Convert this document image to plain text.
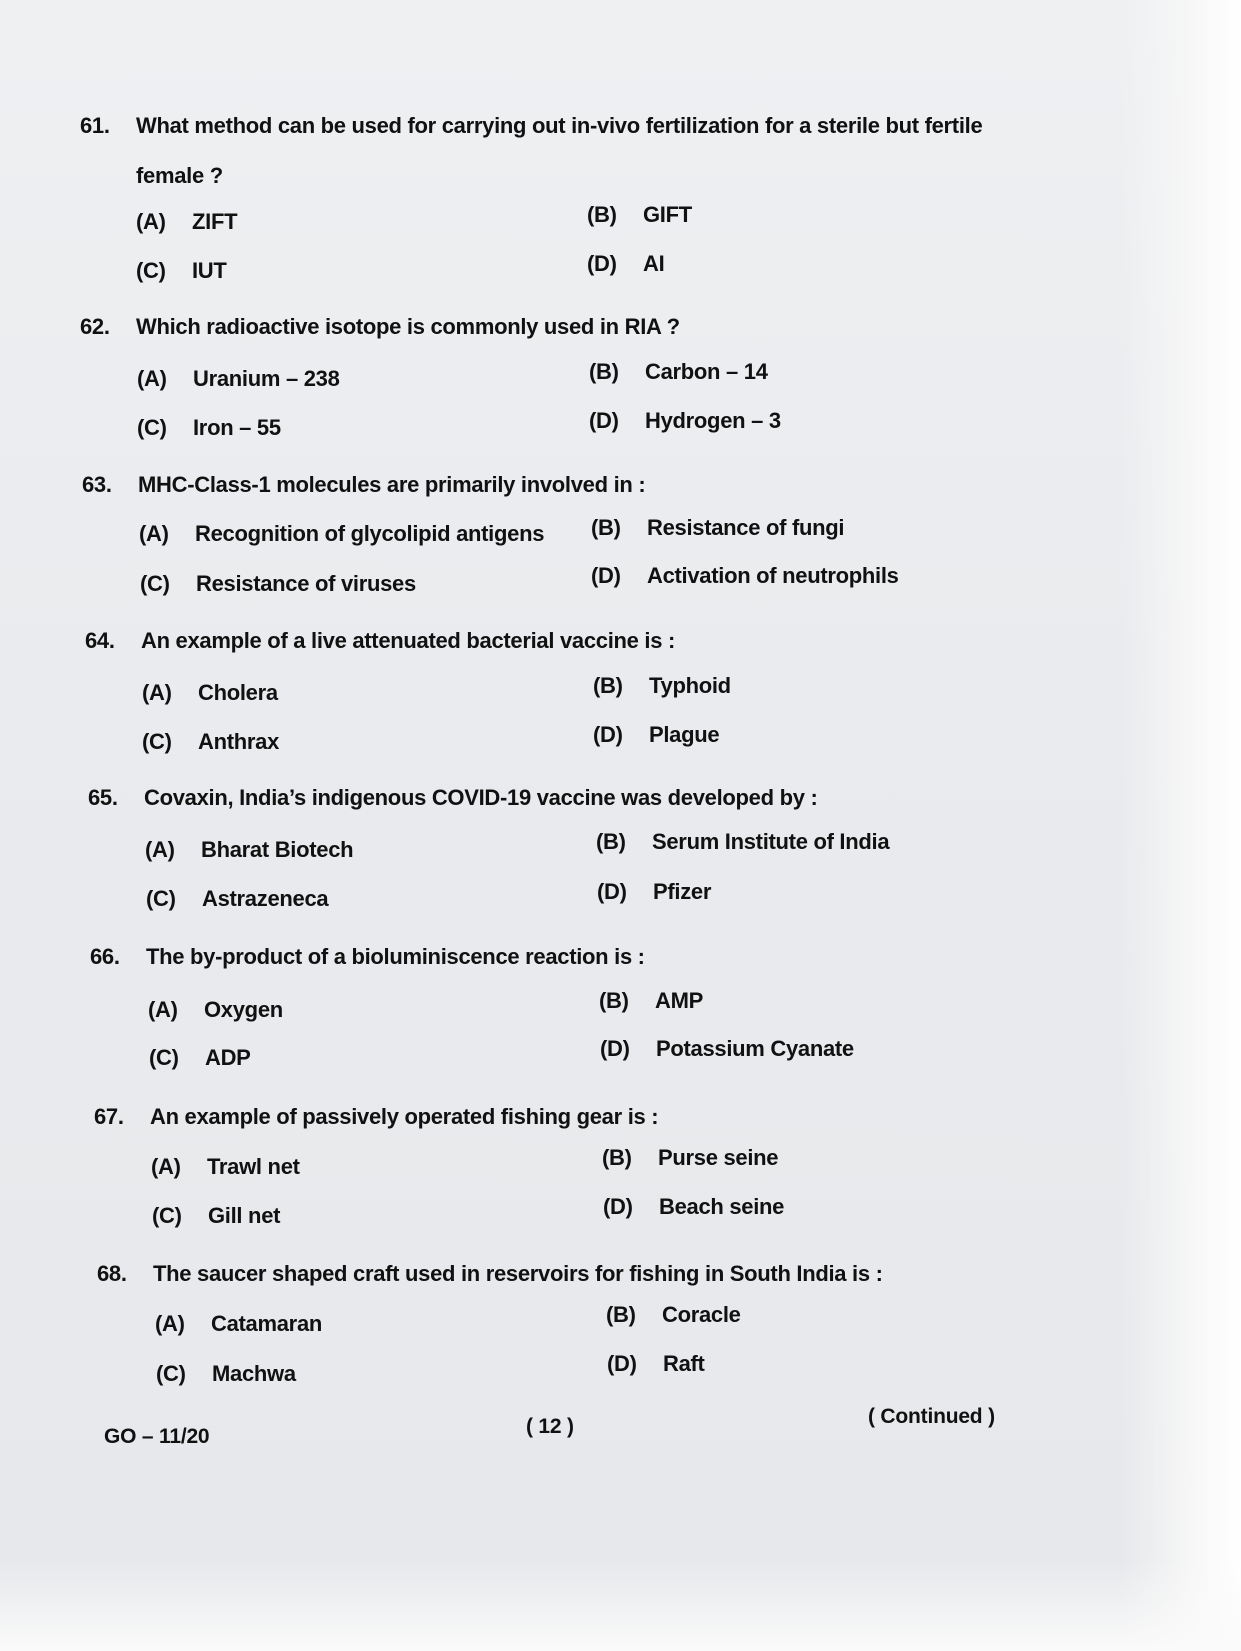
61.	What method can be used for carrying out in-vivo fertilization for a sterile but fertile
female ?
(A)	ZIFT	(B)	GIFT
(C)	IUT	(D)	AI
62.	Which radioactive isotope is commonly used in RIA ?
(A)	Uranium – 238	(B)	Carbon – 14
(C)	Iron – 55	(D)	Hydrogen – 3
63.	MHC-Class-1 molecules are primarily involved in :
(A)	Recognition of glycolipid antigens (B)	Resistance of fungi
(C)	Resistance of viruses	(D)	Activation of neutrophils
64.	An example of a live attenuated bacterial vaccine is :
(A)	Cholera	(B)	Typhoid
(C)	Anthrax	(D)	Plague
65.	Covaxin, India’s indigenous COVID-19 vaccine was developed by :
(A)	Bharat Biotech	(B)	Serum Institute of India
(C)	Astrazeneca	(D)	Pfizer
66.	The by-product of a bioluminiscence reaction is :
(A)	Oxygen	(B)	AMP
(C)	ADP	(D)	Potassium Cyanate
67.	An example of passively operated fishing gear is :
(A)	Trawl net	(B)	Purse seine
(C)	Gill net	(D)	Beach seine
68.	The saucer shaped craft used in reservoirs for fishing in South India is :
(A)	Catamaran	(B)	Coracle
(C)	Machwa	(D)	Raft
GO – 11/20	( 12 )	( Continued )
